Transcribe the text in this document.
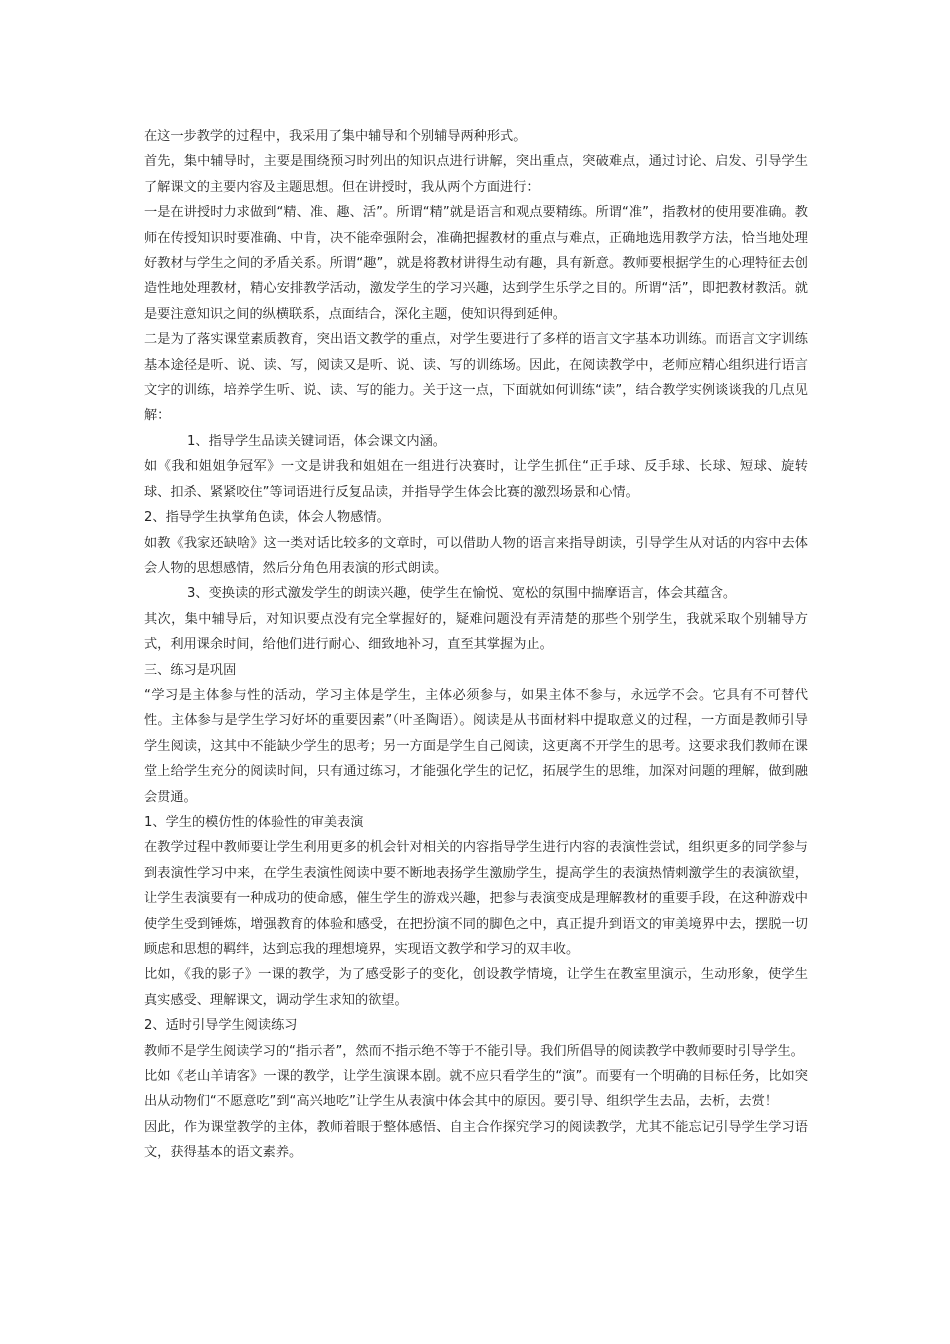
在这一步教学的过程中，我采用了集中辅导和个别辅导两种形式。

首先，集中辅导时，主要是围绕预习时列出的知识点进行讲解，突出重点，突破难点，通过讨论、启发、引导学生了解课文的主要内容及主题思想。但在讲授时，我从两个方面进行：

一是在讲授时力求做到“精、准、趣、活”。所谓“精”就是语言和观点要精练。所谓“准”，指教材的使用要准确。教师在传授知识时要准确、中肯，决不能牵强附会，准确把握教材的重点与难点，正确地选用教学方法，恰当地处理好教材与学生之间的矛盾关系。所谓“趣”，就是将教材讲得生动有趣，具有新意。教师要根据学生的心理特征去创造性地处理教材，精心安排教学活动，激发学生的学习兴趣，达到学生乐学之目的。所谓“活”，即把教材教活。就是要注意知识之间的纵横联系，点面结合，深化主题，使知识得到延伸。

二是为了落实课堂素质教育，突出语文教学的重点，对学生要进行了多样的语言文字基本功训练。而语言文字训练基本途径是听、说、读、写，阅读又是听、说、读、写的训练场。因此，在阅读教学中，老师应精心组织进行语言文字的训练，培养学生听、说、读、写的能力。关于这一点，下面就如何训练“读”，结合教学实例谈谈我的几点见解：

1、指导学生品读关键词语，体会课文内涵。

如《我和姐姐争冠军》一文是讲我和姐姐在一组进行决赛时，让学生抓住“正手球、反手球、长球、短球、旋转球、扣杀、紧紧咬住”等词语进行反复品读，并指导学生体会比赛的激烈场景和心情。

2、指导学生执掌角色读，体会人物感情。

如教《我家还缺啥》这一类对话比较多的文章时，可以借助人物的语言来指导朗读，引导学生从对话的内容中去体会人物的思想感情，然后分角色用表演的形式朗读。

3、变换读的形式激发学生的朗读兴趣，使学生在愉悦、宽松的氛围中揣摩语言，体会其蕴含。

其次，集中辅导后，对知识要点没有完全掌握好的，疑难问题没有弄清楚的那些个别学生，我就采取个别辅导方式，利用课余时间，给他们进行耐心、细致地补习，直至其掌握为止。

三、练习是巩固

“学习是主体参与性的活动，学习主体是学生，主体必须参与，如果主体不参与，永远学不会。它具有不可替代性。主体参与是学生学习好坏的重要因素”（叶圣陶语）。阅读是从书面材料中提取意义的过程，一方面是教师引导学生阅读，这其中不能缺少学生的思考；另一方面是学生自己阅读，这更离不开学生的思考。这要求我们教师在课堂上给学生充分的阅读时间，只有通过练习，才能强化学生的记忆，拓展学生的思维，加深对问题的理解，做到融会贯通。

1、学生的模仿性的体验性的审美表演

在教学过程中教师要让学生利用更多的机会针对相关的内容指导学生进行内容的表演性尝试，组织更多的同学参与到表演性学习中来，在学生表演性阅读中要不断地表扬学生激励学生，提高学生的表演热情刺激学生的表演欲望，让学生表演要有一种成功的使命感，催生学生的游戏兴趣，把参与表演变成是理解教材的重要手段，在这种游戏中使学生受到锤炼，增强教育的体验和感受，在把扮演不同的脚色之中，真正提升到语文的审美境界中去，摆脱一切顾虑和思想的羁绊，达到忘我的理想境界，实现语文教学和学习的双丰收。

比如，《我的影子》一课的教学，为了感受影子的变化，创设教学情境，让学生在教室里演示，生动形象，使学生真实感受、理解课文，调动学生求知的欲望。

2、适时引导学生阅读练习

教师不是学生阅读学习的“指示者”，然而不指示绝不等于不能引导。我们所倡导的阅读教学中教师要时引导学生。

比如《老山羊请客》一课的教学，让学生演课本剧。就不应只看学生的“演”。而要有一个明确的目标任务，比如突出从动物们“不愿意吃”到“高兴地吃”让学生从表演中体会其中的原因。要引导、组织学生去品，去析，去赏！

因此，作为课堂教学的主体，教师着眼于整体感悟、自主合作探究学习的阅读教学，尤其不能忘记引导学生学习语文，获得基本的语文素养。
